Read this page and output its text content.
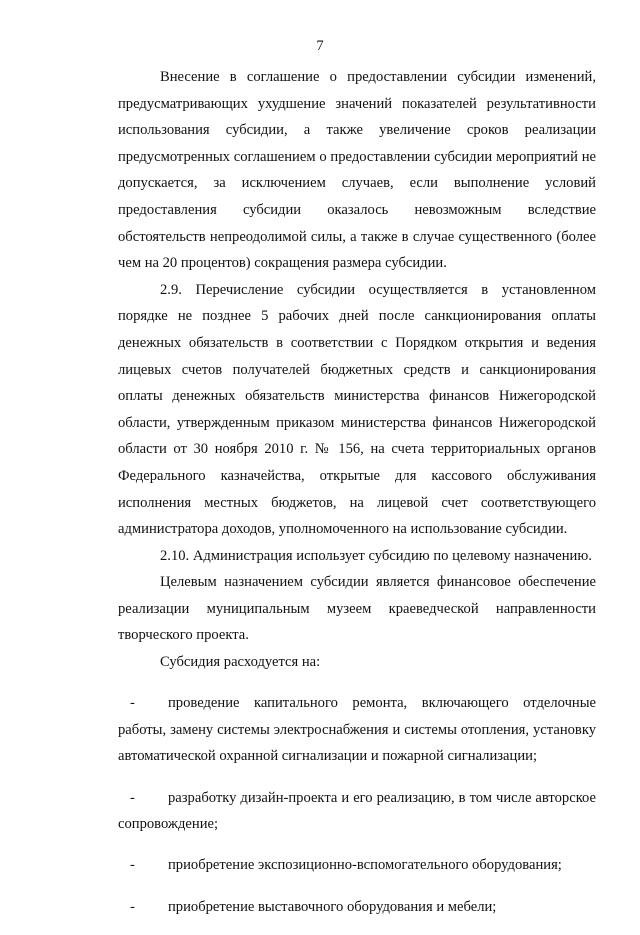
7

Внесение в соглашение о предоставлении субсидии изменений, предусматривающих ухудшение значений показателей результативности использования субсидии, а также увеличение сроков реализации предусмотренных соглашением о предоставлении субсидии мероприятий не допускается, за исключением случаев, если выполнение условий предоставления субсидии оказалось невозможным вследствие обстоятельств непреодолимой силы, а также в случае существенного (более чем на 20 процентов) сокращения размера субсидии.

2.9. Перечисление субсидии осуществляется в установленном порядке не позднее 5 рабочих дней после санкционирования оплаты денежных обязательств в соответствии с Порядком открытия и ведения лицевых счетов получателей бюджетных средств и санкционирования оплаты денежных обязательств министерства финансов Нижегородской области, утвержденным приказом министерства финансов Нижегородской области от 30 ноября 2010 г. № 156, на счета территориальных органов Федерального казначейства, открытые для кассового обслуживания исполнения местных бюджетов, на лицевой счет соответствующего администратора доходов, уполномоченного на использование субсидии.

2.10. Администрация использует субсидию по целевому назначению.

Целевым назначением субсидии является финансовое обеспечение реализации муниципальным музеем краеведческой направленности творческого проекта.

Субсидия расходуется на:

- проведение капитального ремонта, включающего отделочные работы, замену системы электроснабжения и системы отопления, установку автоматической охранной сигнализации и пожарной сигнализации;

- разработку дизайн-проекта и его реализацию, в том числе авторское сопровождение;

- приобретение экспозиционно-вспомогательного оборудования;

- приобретение выставочного оборудования и мебели;
